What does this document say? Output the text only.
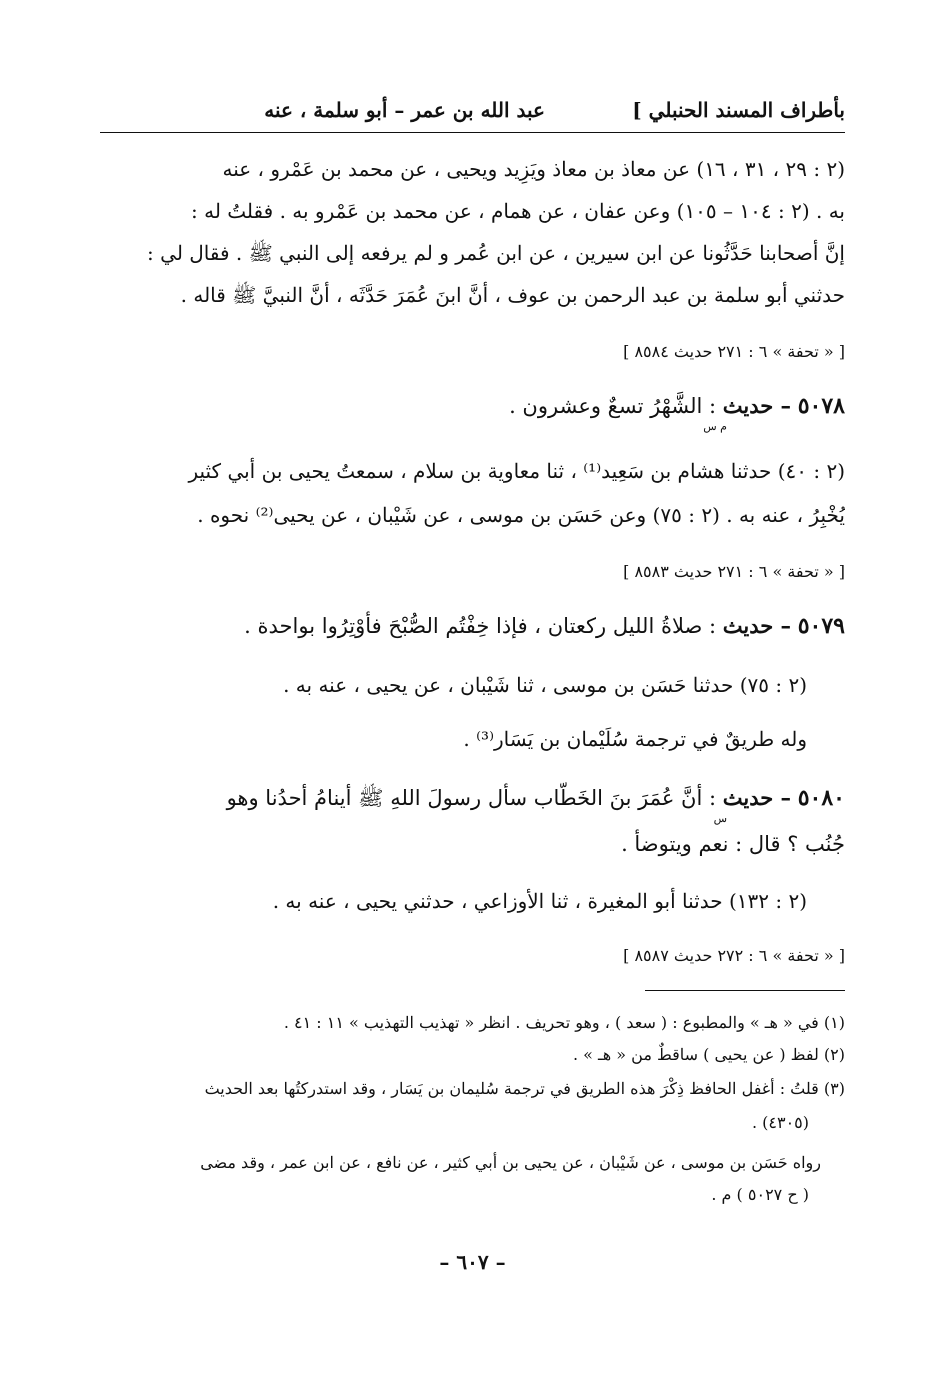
بأطراف المسند الحنبلي ]
عبد الله بن عمر – أبو سلمة ، عنه
(٢ : ٢٩ ، ٣١ ، ١٦) عن معاذ بن معاذ ويَزِيد ويحيى ، عن محمد بن عَمْرو ، عنه
به . (٢ : ١٠٤ – ١٠٥) وعن عفان ، عن همام ، عن محمد بن عَمْرو به . فقلتُ له :
إنَّ أصحابنا حَدَّثُونا عن ابن سيرين ، عن ابن عُمر و لم يرفعه إلى النبي ﷺ . فقال لي :
حدثني أبو سلمة بن عبد الرحمن بن عوف ، أنَّ ابنَ عُمَرَ حَدَّثَه ، أنَّ النبيَّ ﷺ قاله .
[ « تحفة » ٦ : ٢٧١ حديث ٨٥٨٤ ]
٥٠٧٨ – حديث : الشَّهْرُ تسعٌ وعشرون .
م س
(٢ : ٤٠) حدثنا هشام بن سَعِيد⁽¹⁾ ، ثنا معاوية بن سلام ، سمعتُ يحيى بن أبي كثير
يُخْبِرُ ، عنه به . (٢ : ٧٥) وعن حَسَن بن موسى ، عن شَيْبان ، عن يحيى⁽²⁾ نحوه .
[ « تحفة » ٦ : ٢٧١ حديث ٨٥٨٣ ]
٥٠٧٩ – حديث : صلاةُ الليل ركعتان ، فإذا خِفْتُم الصُّبْحَ فأَوْتِرُوا بواحدة .
(٢ : ٧٥) حدثنا حَسَن بن موسى ، ثنا شَيْبان ، عن يحيى ، عنه به .
وله طريقٌ في ترجمة سُلَيْمان بن يَسَار⁽³⁾ .
٥٠٨٠ – حديث : أنَّ عُمَرَ بنَ الخَطَّاب سأل رسولَ اللهِ ﷺ أينامُ أحدُنا وهو
س
جُنُب ؟ قال : نعم ويتوضأ .
(٢ : ١٣٢) حدثنا أبو المغيرة ، ثنا الأوزاعي ، حدثني يحيى ، عنه به .
[ « تحفة » ٦ : ٢٧٢ حديث ٨٥٨٧ ]
(١) في « هـ » والمطبوع : ( سعد ) ، وهو تحريف . انظر « تهذيب التهذيب » ١١ : ٤١ .
(٢) لفظ ( عن يحيى ) ساقطٌ من « هـ » .
(٣) قلتُ : أغفل الحافظ ذِكْرَ هذه الطريق في ترجمة سُليمان بن يَسَار ، وقد استدركتُها بعد الحديث
(٤٣٠٥) .
رواه حَسَن بن موسى ، عن شَيْبان ، عن يحيى بن أبي كثير ، عن نافع ، عن ابن عمر ، وقد مضى
( ح ٥٠٢٧ ) م .
– ٦٠٧ –
